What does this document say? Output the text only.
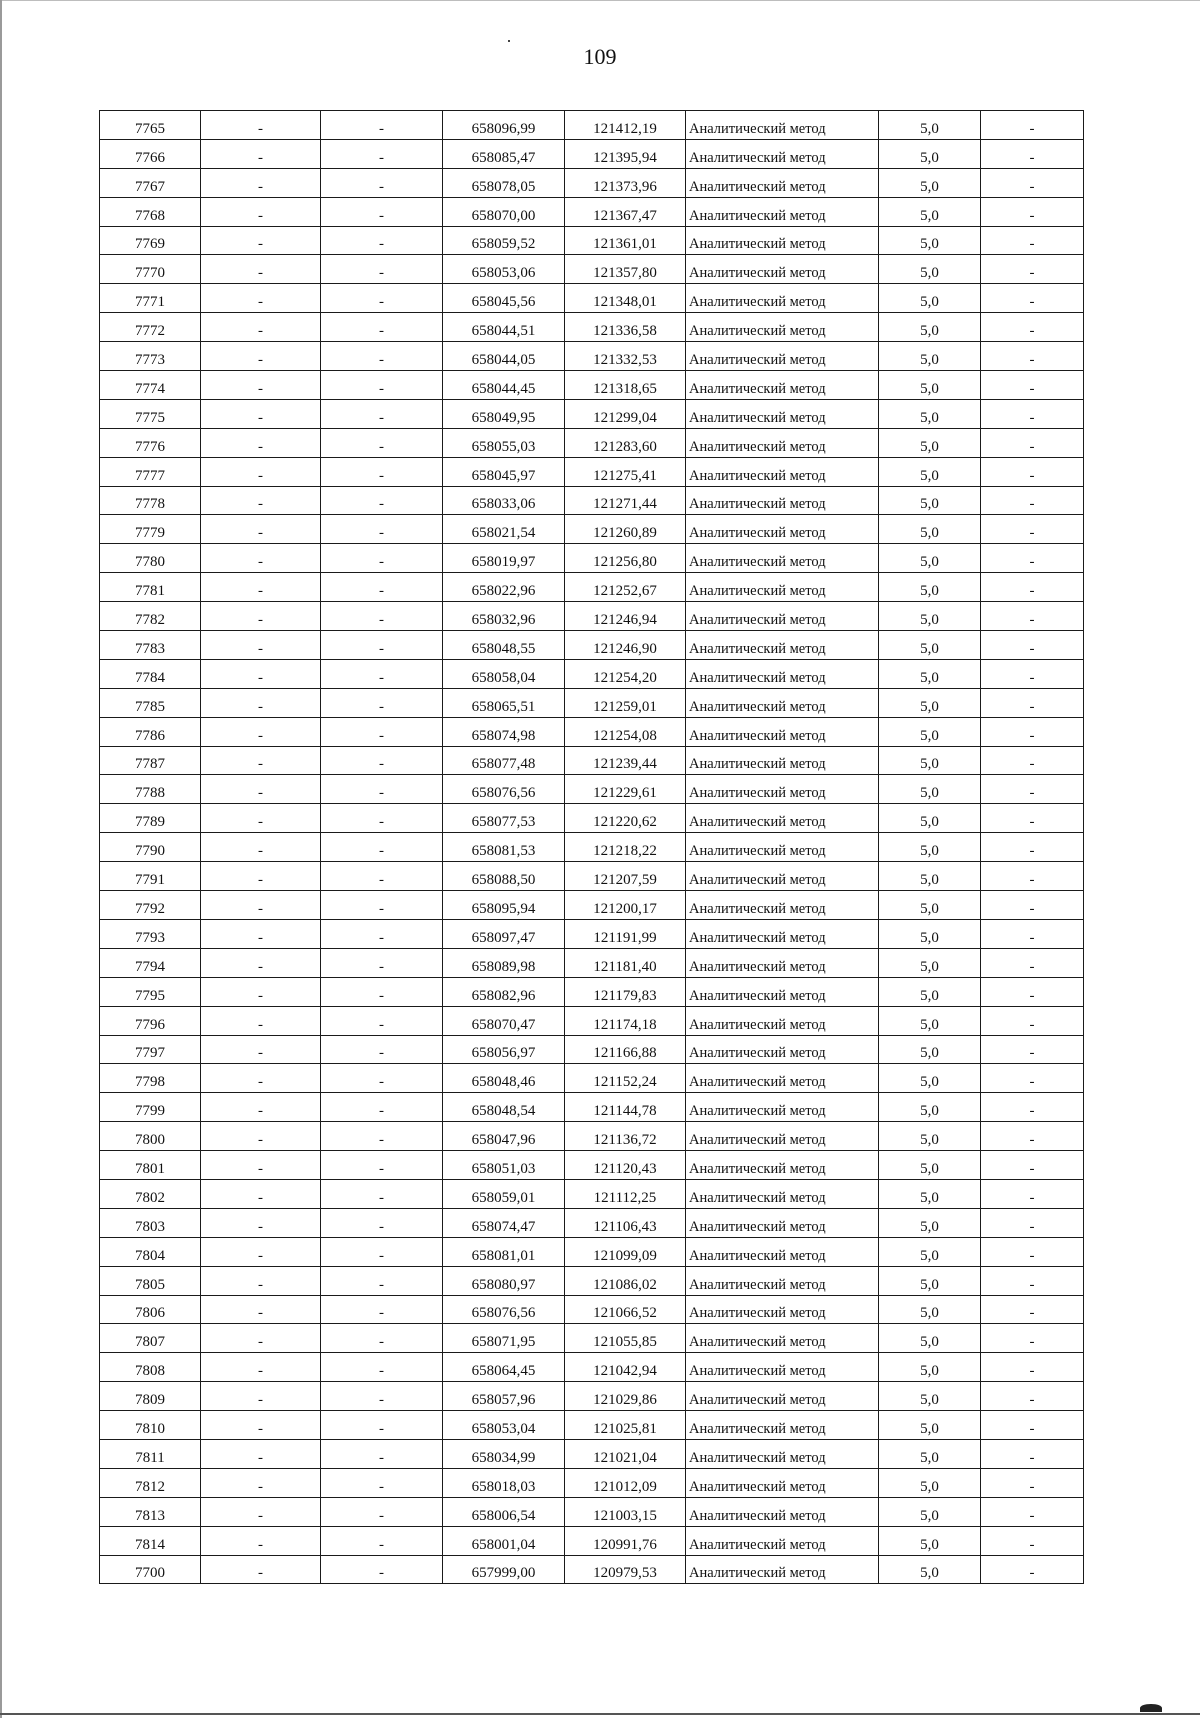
109
7765	-	-	658096,99	121412,19	Аналитический метод	5,0	-
7766	-	-	658085,47	121395,94	Аналитический метод	5,0	-
7767	-	-	658078,05	121373,96	Аналитический метод	5,0	-
7768	-	-	658070,00	121367,47	Аналитический метод	5,0	-
7769	-	-	658059,52	121361,01	Аналитический метод	5,0	-
7770	-	-	658053,06	121357,80	Аналитический метод	5,0	-
7771	-	-	658045,56	121348,01	Аналитический метод	5,0	-
7772	-	-	658044,51	121336,58	Аналитический метод	5,0	-
7773	-	-	658044,05	121332,53	Аналитический метод	5,0	-
7774	-	-	658044,45	121318,65	Аналитический метод	5,0	-
7775	-	-	658049,95	121299,04	Аналитический метод	5,0	-
7776	-	-	658055,03	121283,60	Аналитический метод	5,0	-
7777	-	-	658045,97	121275,41	Аналитический метод	5,0	-
7778	-	-	658033,06	121271,44	Аналитический метод	5,0	-
7779	-	-	658021,54	121260,89	Аналитический метод	5,0	-
7780	-	-	658019,97	121256,80	Аналитический метод	5,0	-
7781	-	-	658022,96	121252,67	Аналитический метод	5,0	-
7782	-	-	658032,96	121246,94	Аналитический метод	5,0	-
7783	-	-	658048,55	121246,90	Аналитический метод	5,0	-
7784	-	-	658058,04	121254,20	Аналитический метод	5,0	-
7785	-	-	658065,51	121259,01	Аналитический метод	5,0	-
7786	-	-	658074,98	121254,08	Аналитический метод	5,0	-
7787	-	-	658077,48	121239,44	Аналитический метод	5,0	-
7788	-	-	658076,56	121229,61	Аналитический метод	5,0	-
7789	-	-	658077,53	121220,62	Аналитический метод	5,0	-
7790	-	-	658081,53	121218,22	Аналитический метод	5,0	-
7791	-	-	658088,50	121207,59	Аналитический метод	5,0	-
7792	-	-	658095,94	121200,17	Аналитический метод	5,0	-
7793	-	-	658097,47	121191,99	Аналитический метод	5,0	-
7794	-	-	658089,98	121181,40	Аналитический метод	5,0	-
7795	-	-	658082,96	121179,83	Аналитический метод	5,0	-
7796	-	-	658070,47	121174,18	Аналитический метод	5,0	-
7797	-	-	658056,97	121166,88	Аналитический метод	5,0	-
7798	-	-	658048,46	121152,24	Аналитический метод	5,0	-
7799	-	-	658048,54	121144,78	Аналитический метод	5,0	-
7800	-	-	658047,96	121136,72	Аналитический метод	5,0	-
7801	-	-	658051,03	121120,43	Аналитический метод	5,0	-
7802	-	-	658059,01	121112,25	Аналитический метод	5,0	-
7803	-	-	658074,47	121106,43	Аналитический метод	5,0	-
7804	-	-	658081,01	121099,09	Аналитический метод	5,0	-
7805	-	-	658080,97	121086,02	Аналитический метод	5,0	-
7806	-	-	658076,56	121066,52	Аналитический метод	5,0	-
7807	-	-	658071,95	121055,85	Аналитический метод	5,0	-
7808	-	-	658064,45	121042,94	Аналитический метод	5,0	-
7809	-	-	658057,96	121029,86	Аналитический метод	5,0	-
7810	-	-	658053,04	121025,81	Аналитический метод	5,0	-
7811	-	-	658034,99	121021,04	Аналитический метод	5,0	-
7812	-	-	658018,03	121012,09	Аналитический метод	5,0	-
7813	-	-	658006,54	121003,15	Аналитический метод	5,0	-
7814	-	-	658001,04	120991,76	Аналитический метод	5,0	-
7700	-	-	657999,00	120979,53	Аналитический метод	5,0	-
